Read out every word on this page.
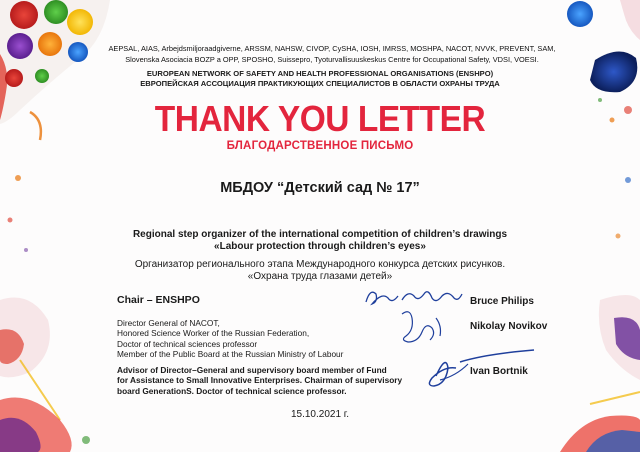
AEPSAL, AIAS, Arbejdsmiljoraadgiverne, ARSSM, NAHSW, CIVOP, CySHA, IOSH, IMRSS, MOSHPA, NACOT, NVVK, PREVENT, SAM, Slovenska Asociacia BOZP a OPP, SPOSHO, Suissepro, Tyoturvallisuuskeskus Centre for Occupational Safety, VDSI, VOESI.
EUROPEAN NETWORK OF SAFETY AND HEALTH PROFESSIONAL ORGANISATIONS (ENSHPO)
ЕВРОПЕЙСКАЯ АССОЦИАЦИЯ ПРАКТИКУЮЩИХ СПЕЦИАЛИСТОВ В ОБЛАСТИ ОХРАНЫ ТРУДА
THANK YOU LETTER
БЛАГОДАРСТВЕННОЕ ПИСЬМО
МБДОУ “Детский сад № 17”
Regional step organizer of the international competition of children’s drawings
«Labour protection through children’s eyes»
Организатор регионального этапа Международного конкурса детских рисунков.
«Охрана труда глазами детей»
Chair – ENSHPO
Director General of NACOT,
Honored Science Worker of the Russian Federation,
Doctor of technical sciences professor
Member of the Public Board at the Russian Ministry of Labour
Advisor of Director–General and supervisory board member of Fund
for Assistance to Small Innovative Enterprises. Chairman of supervisory
board GenerationS. Doctor of technical science professor.
Bruce Philips
Nikolay Novikov
Ivan Bortnik
15.10.2021 г.
